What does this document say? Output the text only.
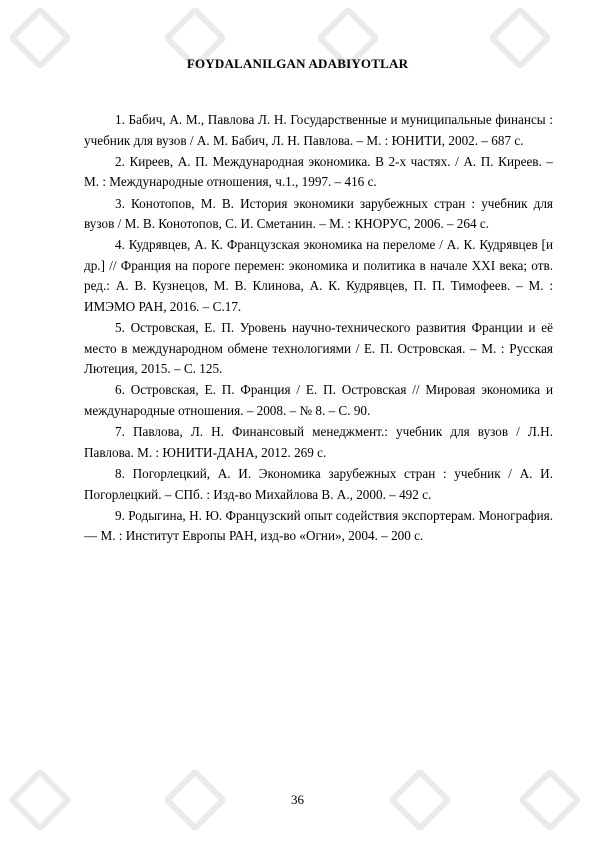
FOYDALANILGAN ADABIYOTLAR
1. Бабич, А. М., Павлова Л. Н. Государственные и муниципальные финансы : учебник для вузов / А. М. Бабич, Л. Н. Павлова. – М. : ЮНИТИ, 2002. – 687 с.
2. Киреев, А. П. Международная экономика. В 2-х частях. / А. П. Киреев. – М. : Международные отношения, ч.1., 1997. – 416 с.
3. Конотопов, М. В. История экономики зарубежных стран : учебник для вузов / М. В. Конотопов, С. И. Сметанин. – М. : КНОРУС, 2006. – 264 с.
4. Кудрявцев, А. К. Французская экономика на переломе / А. К. Кудрявцев [и др.] // Франция на пороге перемен: экономика и политика в начале XXI века; отв. ред.: А. В. Кузнецов, М. В. Клинова, А. К. Кудрявцев, П. П. Тимофеев. – М. : ИМЭМО РАН, 2016. – С.17.
5. Островская, Е. П. Уровень научно-технического развития Франции и её место в международном обмене технологиями / Е. П. Островская. – М. : Русская Лютеция, 2015. – С. 125.
6. Островская, Е. П. Франция / Е. П. Островская // Мировая экономика и международные отношения. – 2008. – № 8. – С. 90.
7. Павлова, Л. Н. Финансовый менеджмент.: учебник для вузов / Л.Н. Павлова. М. : ЮНИТИ-ДАНА, 2012. 269 с.
8. Погорлецкий, А. И. Экономика зарубежных стран : учебник / А. И. Погорлецкий. – СПб. : Изд-во Михайлова В. А., 2000. – 492 с.
9. Родыгина, Н. Ю. Французский опыт содействия экспортерам. Монография. — М. : Институт Европы РАН, изд-во «Огни», 2004. – 200 с.
36
